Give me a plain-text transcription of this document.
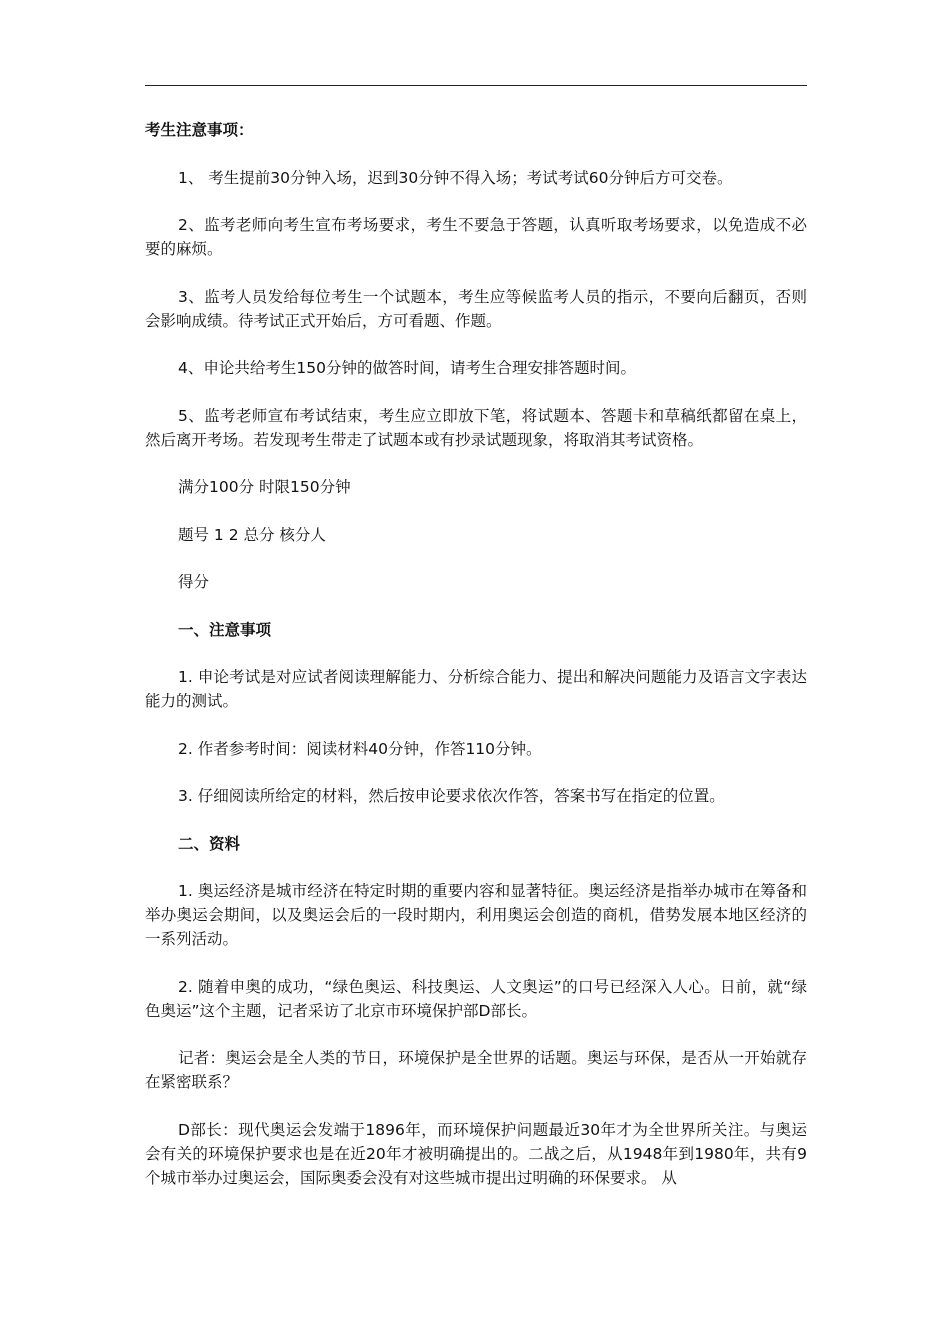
考生注意事项：

1、 考生提前30分钟入场，迟到30分钟不得入场；考试考试60分钟后方可交卷。

2、监考老师向考生宣布考场要求，考生不要急于答题，认真听取考场要求，以免造成不必要的麻烦。

3、监考人员发给每位考生一个试题本，考生应等候监考人员的指示，不要向后翻页，否则会影响成绩。待考试正式开始后，方可看题、作题。

4、申论共给考生150分钟的做答时间，请考生合理安排答题时间。

5、监考老师宣布考试结束，考生应立即放下笔，将试题本、答题卡和草稿纸都留在桌上，然后离开考场。若发现考生带走了试题本或有抄录试题现象，将取消其考试资格。

满分100分 时限150分钟

题号 1 2 总分 核分人

得分

一、注意事项

1. 申论考试是对应试者阅读理解能力、分析综合能力、提出和解决问题能力及语言文字表达能力的测试。

2. 作者参考时间：阅读材料40分钟，作答110分钟。

3. 仔细阅读所给定的材料，然后按申论要求依次作答，答案书写在指定的位置。

二、资料

1. 奥运经济是城市经济在特定时期的重要内容和显著特征。奥运经济是指举办城市在筹备和举办奥运会期间，以及奥运会后的一段时期内，利用奥运会创造的商机，借势发展本地区经济的一系列活动。

2. 随着申奥的成功，“绿色奥运、科技奥运、人文奥运”的口号已经深入人心。日前，就“绿色奥运”这个主题，记者采访了北京市环境保护部D部长。

记者：奥运会是全人类的节日，环境保护是全世界的话题。奥运与环保，是否从一开始就存在紧密联系？

D部长：现代奥运会发端于1896年，而环境保护问题最近30年才为全世界所关注。与奥运会有关的环境保护要求也是在近20年才被明确提出的。二战之后，从1948年到1980年，共有9个城市举办过奥运会，国际奥委会没有对这些城市提出过明确的环保要求。 从
